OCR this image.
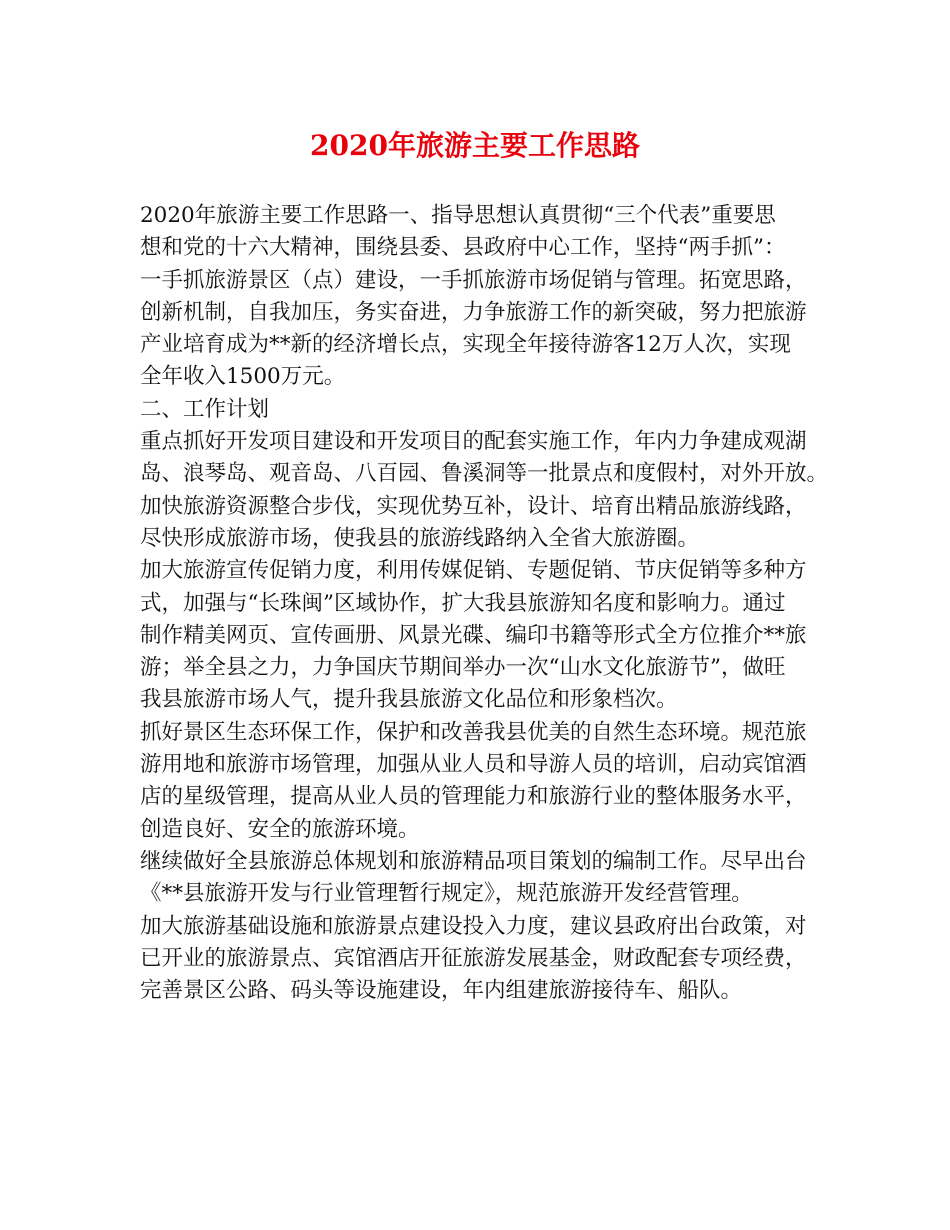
2020年旅游主要工作思路
2020年旅游主要工作思路一、指导思想认真贯彻“三个代表”重要思
想和党的十六大精神，围绕县委、县政府中心工作，坚持“两手抓”：
一手抓旅游景区（点）建设，一手抓旅游市场促销与管理。拓宽思路，
创新机制，自我加压，务实奋进，力争旅游工作的新突破，努力把旅游
产业培育成为**新的经济增长点，实现全年接待游客12万人次，实现
全年收入1500万元。
二、工作计划
重点抓好开发项目建设和开发项目的配套实施工作，年内力争建成观湖
岛、浪琴岛、观音岛、八百园、鲁溪洞等一批景点和度假村，对外开放。
加快旅游资源整合步伐，实现优势互补，设计、培育出精品旅游线路，
尽快形成旅游市场，使我县的旅游线路纳入全省大旅游圈。
加大旅游宣传促销力度，利用传媒促销、专题促销、节庆促销等多种方
式，加强与“长珠闽”区域协作，扩大我县旅游知名度和影响力。通过
制作精美网页、宣传画册、风景光碟、编印书籍等形式全方位推介**旅
游；举全县之力，力争国庆节期间举办一次“山水文化旅游节”，做旺
我县旅游市场人气，提升我县旅游文化品位和形象档次。
抓好景区生态环保工作，保护和改善我县优美的自然生态环境。规范旅
游用地和旅游市场管理，加强从业人员和导游人员的培训，启动宾馆酒
店的星级管理，提高从业人员的管理能力和旅游行业的整体服务水平，
创造良好、安全的旅游环境。
继续做好全县旅游总体规划和旅游精品项目策划的编制工作。尽早出台
《**县旅游开发与行业管理暂行规定》，规范旅游开发经营管理。
加大旅游基础设施和旅游景点建设投入力度，建议县政府出台政策，对
已开业的旅游景点、宾馆酒店开征旅游发展基金，财政配套专项经费，
完善景区公路、码头等设施建设，年内组建旅游接待车、船队。
